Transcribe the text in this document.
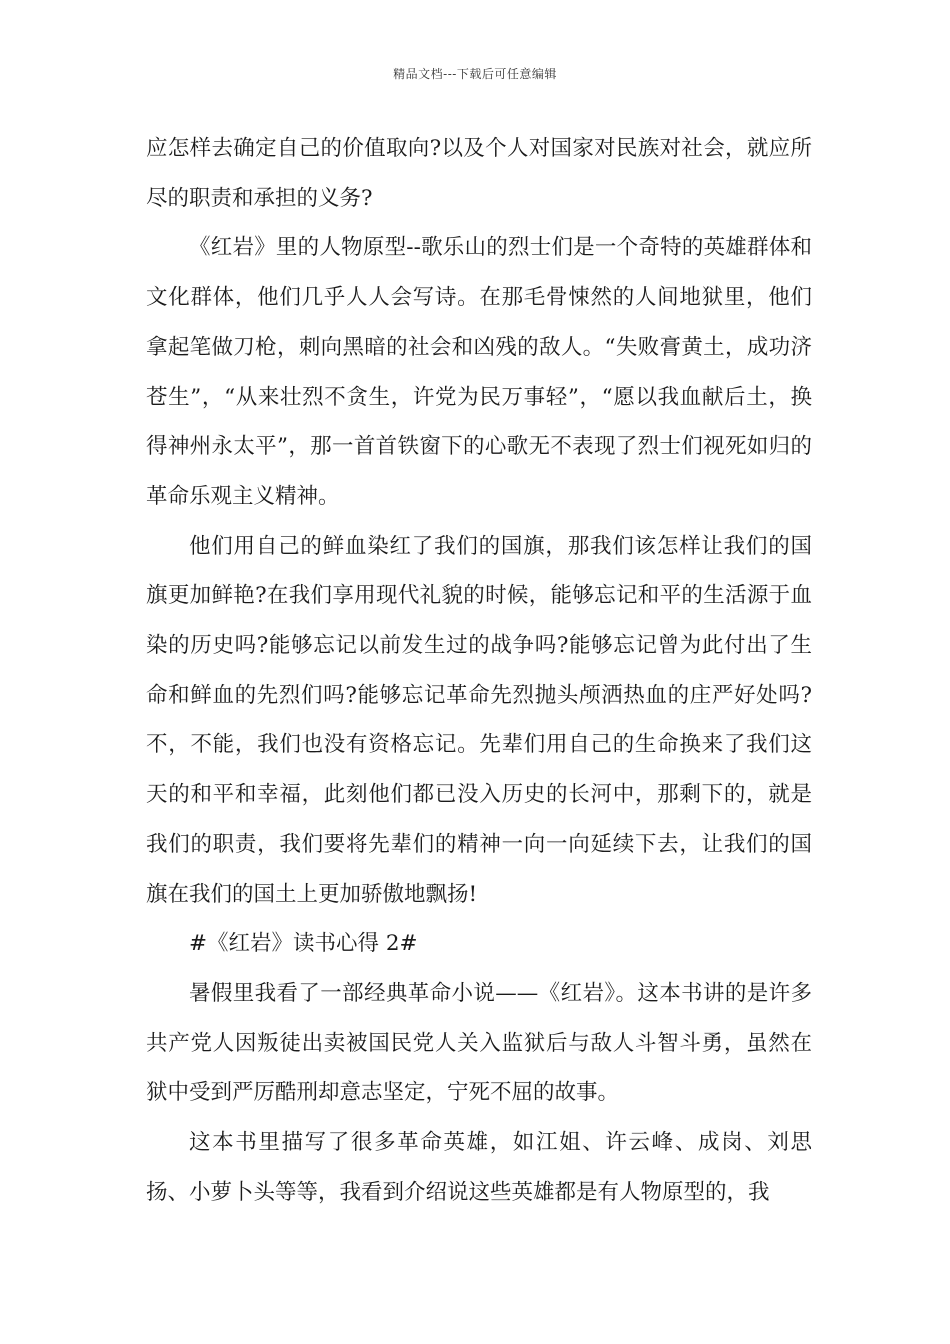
精品文档---下载后可任意编辑

应怎样去确定自己的价值取向?以及个人对国家对民族对社会，就应所尽的职责和承担的义务?

《红岩》里的人物原型--歌乐山的烈士们是一个奇特的英雄群体和文化群体，他们几乎人人会写诗。在那毛骨悚然的人间地狱里，他们拿起笔做刀枪，刺向黑暗的社会和凶残的敌人。“失败膏黄土，成功济苍生”，“从来壮烈不贪生，许党为民万事轻”，“愿以我血献后土，换得神州永太平”，那一首首铁窗下的心歌无不表现了烈士们视死如归的革命乐观主义精神。

他们用自己的鲜血染红了我们的国旗，那我们该怎样让我们的国旗更加鲜艳?在我们享用现代礼貌的时候，能够忘记和平的生活源于血染的历史吗?能够忘记以前发生过的战争吗?能够忘记曾为此付出了生命和鲜血的先烈们吗?能够忘记革命先烈抛头颅洒热血的庄严好处吗?不，不能，我们也没有资格忘记。先辈们用自己的生命换来了我们这天的和平和幸福，此刻他们都已没入历史的长河中，那剩下的，就是我们的职责，我们要将先辈们的精神一向一向延续下去，让我们的国旗在我们的国土上更加骄傲地飘扬!

#《红岩》读书心得 2#

暑假里我看了一部经典革命小说——《红岩》。这本书讲的是许多共产党人因叛徒出卖被国民党人关入监狱后与敌人斗智斗勇，虽然在狱中受到严厉酷刑却意志坚定，宁死不屈的故事。

这本书里描写了很多革命英雄，如江姐、许云峰、成岗、刘思扬、小萝卜头等等，我看到介绍说这些英雄都是有人物原型的，我
